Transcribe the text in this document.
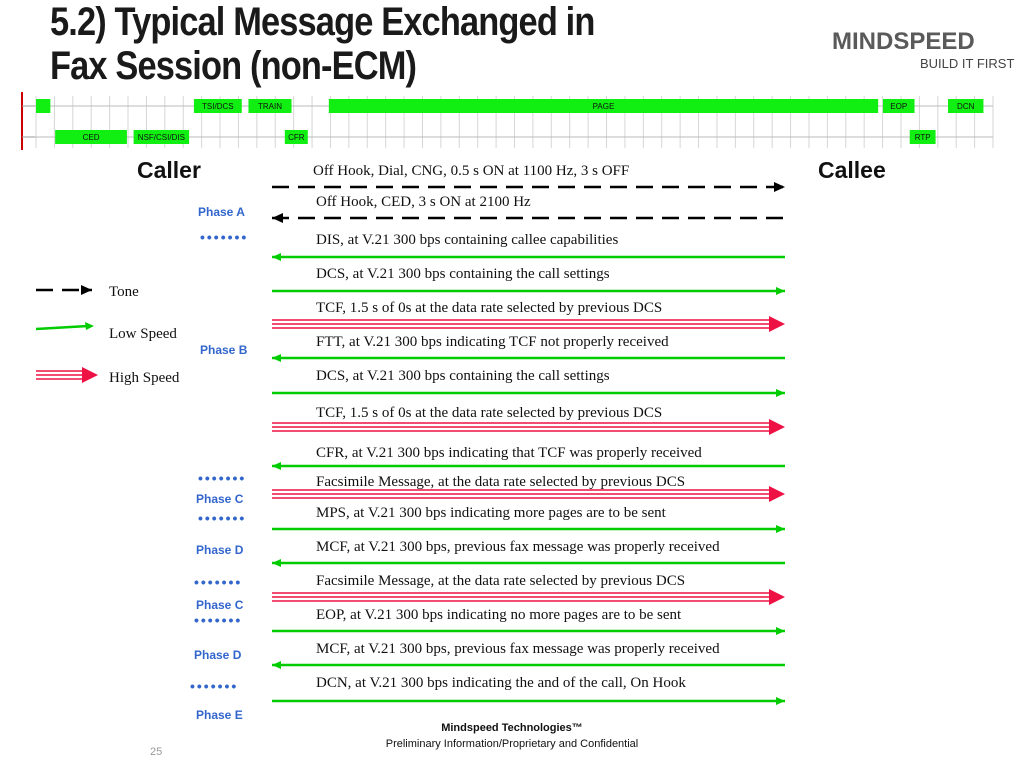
5.2) Typical Message Exchanged in
Fax Session (non-ECM)
MINDSPEED
BUILD IT FIRST
TSI/DCS	TRAIN	PAGE	EOP	DCN
CED	NSF/CSI/DIS	CFR	RTP
Caller	Callee
Off Hook, Dial, CNG, 0.5 s ON at 1100 Hz, 3 s OFF
Off Hook, CED, 3 s ON at 2100 Hz
DIS, at V.21 300 bps containing callee capabilities
DCS, at V.21 300 bps containing the call settings
TCF, 1.5 s of 0s at the data rate selected by previous DCS
FTT, at V.21 300 bps indicating TCF not properly received
DCS, at V.21 300 bps containing the call settings
TCF, 1.5 s of 0s at the data rate selected by previous DCS
CFR, at V.21 300 bps indicating that TCF was properly received
Facsimile Message, at the data rate selected by previous DCS
MPS, at V.21 300 bps indicating more pages are to be sent
MCF, at V.21 300 bps, previous fax message was properly received
Facsimile Message, at the data rate selected by previous DCS
EOP, at V.21 300 bps indicating no more pages are to be sent
MCF, at V.21 300 bps, previous fax message was properly received
DCN, at V.21 300 bps indicating the and of the call, On Hook
•••••••
Phase A
Phase B
•••••••
Phase C
•••••••
Phase D
•••••••
Phase C
•••••••
Phase D
•••••••
Phase E
Tone
Low Speed
High Speed
Mindspeed Technologies™
Preliminary Information/Proprietary and Confidential
25
